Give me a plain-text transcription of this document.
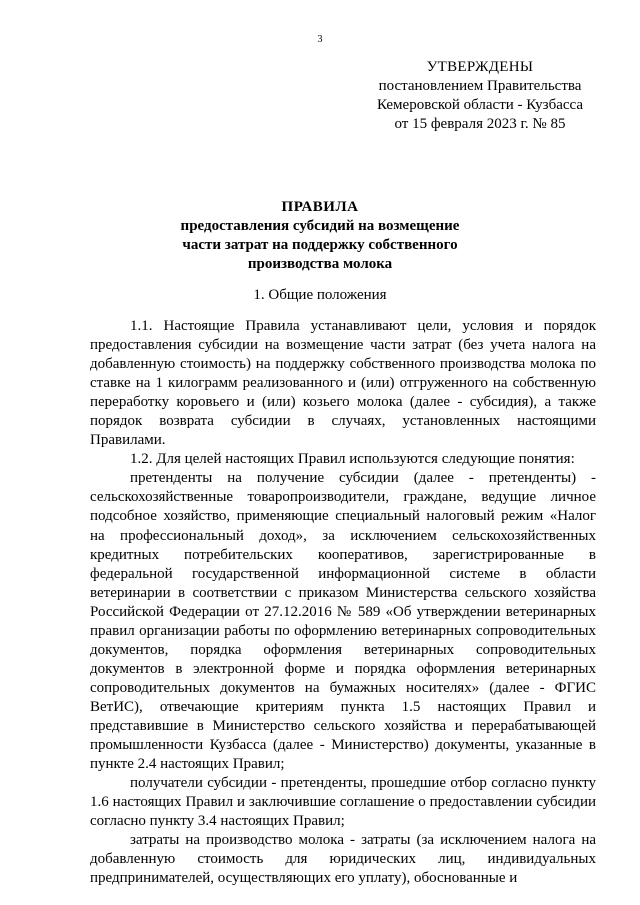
3
УТВЕРЖДЕНЫ
постановлением Правительства
Кемеровской области - Кузбасса
от 15 февраля 2023 г. № 85
ПРАВИЛА
предоставления субсидий на возмещение
части затрат на поддержку собственного
производства молока
1. Общие положения

1.1. Настоящие Правила устанавливают цели, условия и порядок предоставления субсидии на возмещение части затрат (без учета налога на добавленную стоимость) на поддержку собственного производства молока по ставке на 1 килограмм реализованного и (или) отгруженного на собственную переработку коровьего и (или) козьего молока (далее - субсидия), а также порядок возврата субсидии в случаях, установленных настоящими Правилами.

1.2. Для целей настоящих Правил используются следующие понятия:

претенденты на получение субсидии (далее - претенденты) - сельскохозяйственные товаропроизводители, граждане, ведущие личное подсобное хозяйство, применяющие специальный налоговый режим «Налог на профессиональный доход», за исключением сельскохозяйственных кредитных потребительских кооперативов, зарегистрированные в федеральной государственной информационной системе в области ветеринарии в соответствии с приказом Министерства сельского хозяйства Российской Федерации от 27.12.2016 № 589 «Об утверждении ветеринарных правил организации работы по оформлению ветеринарных сопроводительных документов, порядка оформления ветеринарных сопроводительных документов в электронной форме и порядка оформления ветеринарных сопроводительных документов на бумажных носителях» (далее - ФГИС ВетИС), отвечающие критериям пункта 1.5 настоящих Правил и представившие в Министерство сельского хозяйства и перерабатывающей промышленности Кузбасса (далее - Министерство) документы, указанные в пункте 2.4 настоящих Правил;

получатели субсидии - претенденты, прошедшие отбор согласно пункту 1.6 настоящих Правил и заключившие соглашение о предоставлении субсидии согласно пункту 3.4 настоящих Правил;

затраты на производство молока - затраты (за исключением налога на добавленную стоимость для юридических лиц, индивидуальных предпринимателей, осуществляющих его уплату), обоснованные и
